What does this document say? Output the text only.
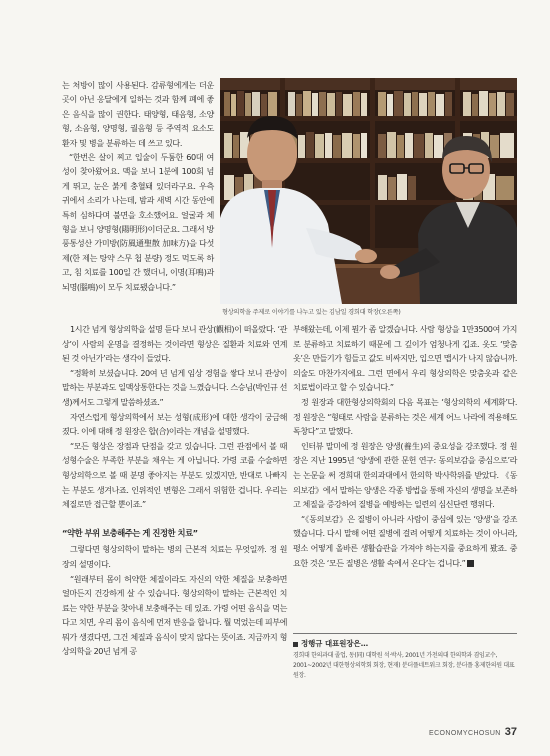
는 처방이 많이 사용된다. 감류형에게는 더운 곳이 아닌 응달에게 일하는 것과 함께 폐에 좋은 음식을 많이 권한다. 태양형, 태음형, 소양형, 소음형, 양명형, 궐음형 등 주역적 요소도 환자 및 병을 분류하는 데 쓰고 있다.

“한번은 살이 찌고 입술이 두툼한 60대 여성이 찾아왔어요. 맥을 보니 1분에 100회 넘게 뛰고, 눈은 붉게 충혈돼 있더라구요. 우측 귀에서 소리가 나는데, 밤과 새벽 시간 동안에 특히 심하다며 불면을 호소했어요. 얼굴과 체형을 보니 양명형(陽明形)이더군요. 그래서 방풍통성산 가미방(防風通聖散 加味方)을 다섯 제(한 제는 탕약 스무 첩 분량) 정도 먹도록 하고, 침 치료를 100일 간 했더니, 이명(耳鳴)과 뇌명(腦鳴)이 모두 치료됐습니다.”

형상의학을 주제로 이야기를 나누고 있는 김남일 경희대 학장(오른쪽)

1시간 넘게 형상의학을 설명 듣다 보니 관상(觀相)이 떠올랐다. ‘관상’이 사람의 운명을 결정하는 것이라면 형상은 질환과 치료와 연계된 것 아닌가’라는 생각이 들었다.

“정확히 보셨습니다. 20여 년 넘게 임상 경험을 쌓다 보니 관상이 말하는 부분과도 일맥상통한다는 것을 느꼈습니다. 스승님(박인규 선생)께서도 그렇게 말씀하셨죠.”

자연스럽게 형상의학에서 보는 성형(成形)에 대한 생각이 궁금해졌다. 이에 대해 정 원장은 합(合)이라는 개념을 설명했다.

“모든 형상은 장점과 단점을 갖고 있습니다. 그런 관점에서 볼 때 성형수술은 부족한 부분을 채우는 게 아닙니다. 가령 코를 수술하면 형상의학으로 볼 때 분명 좋아지는 부분도 있겠지만, 반대로 나빠지는 부분도 생겨나죠. 인위적인 변형은 그래서 위험한 겁니다. 우리는 체질로만 접근할 뿐이죠.”

“약한 부위 보충해주는 게 진정한 치료”

그렇다면 형상의학이 말하는 병의 근본적 치료는 무엇일까. 정 원장의 설명이다.

“원래부터 몸이 허약한 체질이라도 자신의 약한 체질을 보충하면 얼마든지 건강하게 살 수 있습니다. 형상의학이 말하는 근본적인 치료는 약한 부분을 찾아내 보충해주는 데 있죠. 가령 어떤 음식을 먹는다고 치면, 우리 몸이 음식에 먼저 반응을 합니다. 뭘 먹었는데 피부에 뭐가 생겼다면, 그건 체질과 음식이 맞지 않다는 뜻이죠. 지금까지 형상의학을 20년 넘게 공

부해왔는데, 이제 뭔가 좀 알겠습니다. 사람 형상을 1만3500여 가지로 분류하고 치료하기 때문에 그 깊이가 엄청나게 깁죠. 옷도 ‘맞춤옷’은 만들기가 힘들고 값도 비싸지만, 입으면 맵시가 나지 않습니까. 의술도 마찬가지에요. 그런 면에서 우리 형상의학은 맞춤옷과 같은 치료법이라고 할 수 있습니다.”

정 원장과 대한형상의학회의 다음 목표는 ‘형상의학의 세계화’다. 정 원장은 “형태로 사람을 분류하는 것은 세계 어느 나라에 적용해도 독창다”고 말했다.

인터뷰 말미에 정 원장은 양생(養生)의 중요성을 강조했다. 정 원장은 지난 1995년 ‘양생에 관한 문헌 연구: 동의보감을 중심으로’라는 논문을 써 경희대 한의과대에서 한의학 박사학위를 받았다. 《동의보감》에서 말하는 양생은 각종 방법을 통해 자신의 생명을 보존하고 체질을 증강하여 질병을 예방하는 일련의 심신단련 행위다.

“《동의보감》은 질병이 아니라 사람이 중심에 있는 ‘양생’을 강조했습니다. 다시 말해 어떤 질병에 걸려 어떻게 치료하는 것이 아니라, 평소 어떻게 올바른 생활습관을 가져야 하는지를 중요하게 봤죠. 중요한 것은 ‘모든 질병은 생활 속에서 온다’는 겁니다.”

정행규 대표원장은…
경희대 한의과대 졸업, 동(同) 대학원 석·박사, 2001년 가천의대 한의학과 겸임교수, 2001~2002년 대한형상의학회 회장, 현재) 분더플네트워크 회장, 분더플 홍제한의원 대표원장.
ECONOMYCHOSUN 37
